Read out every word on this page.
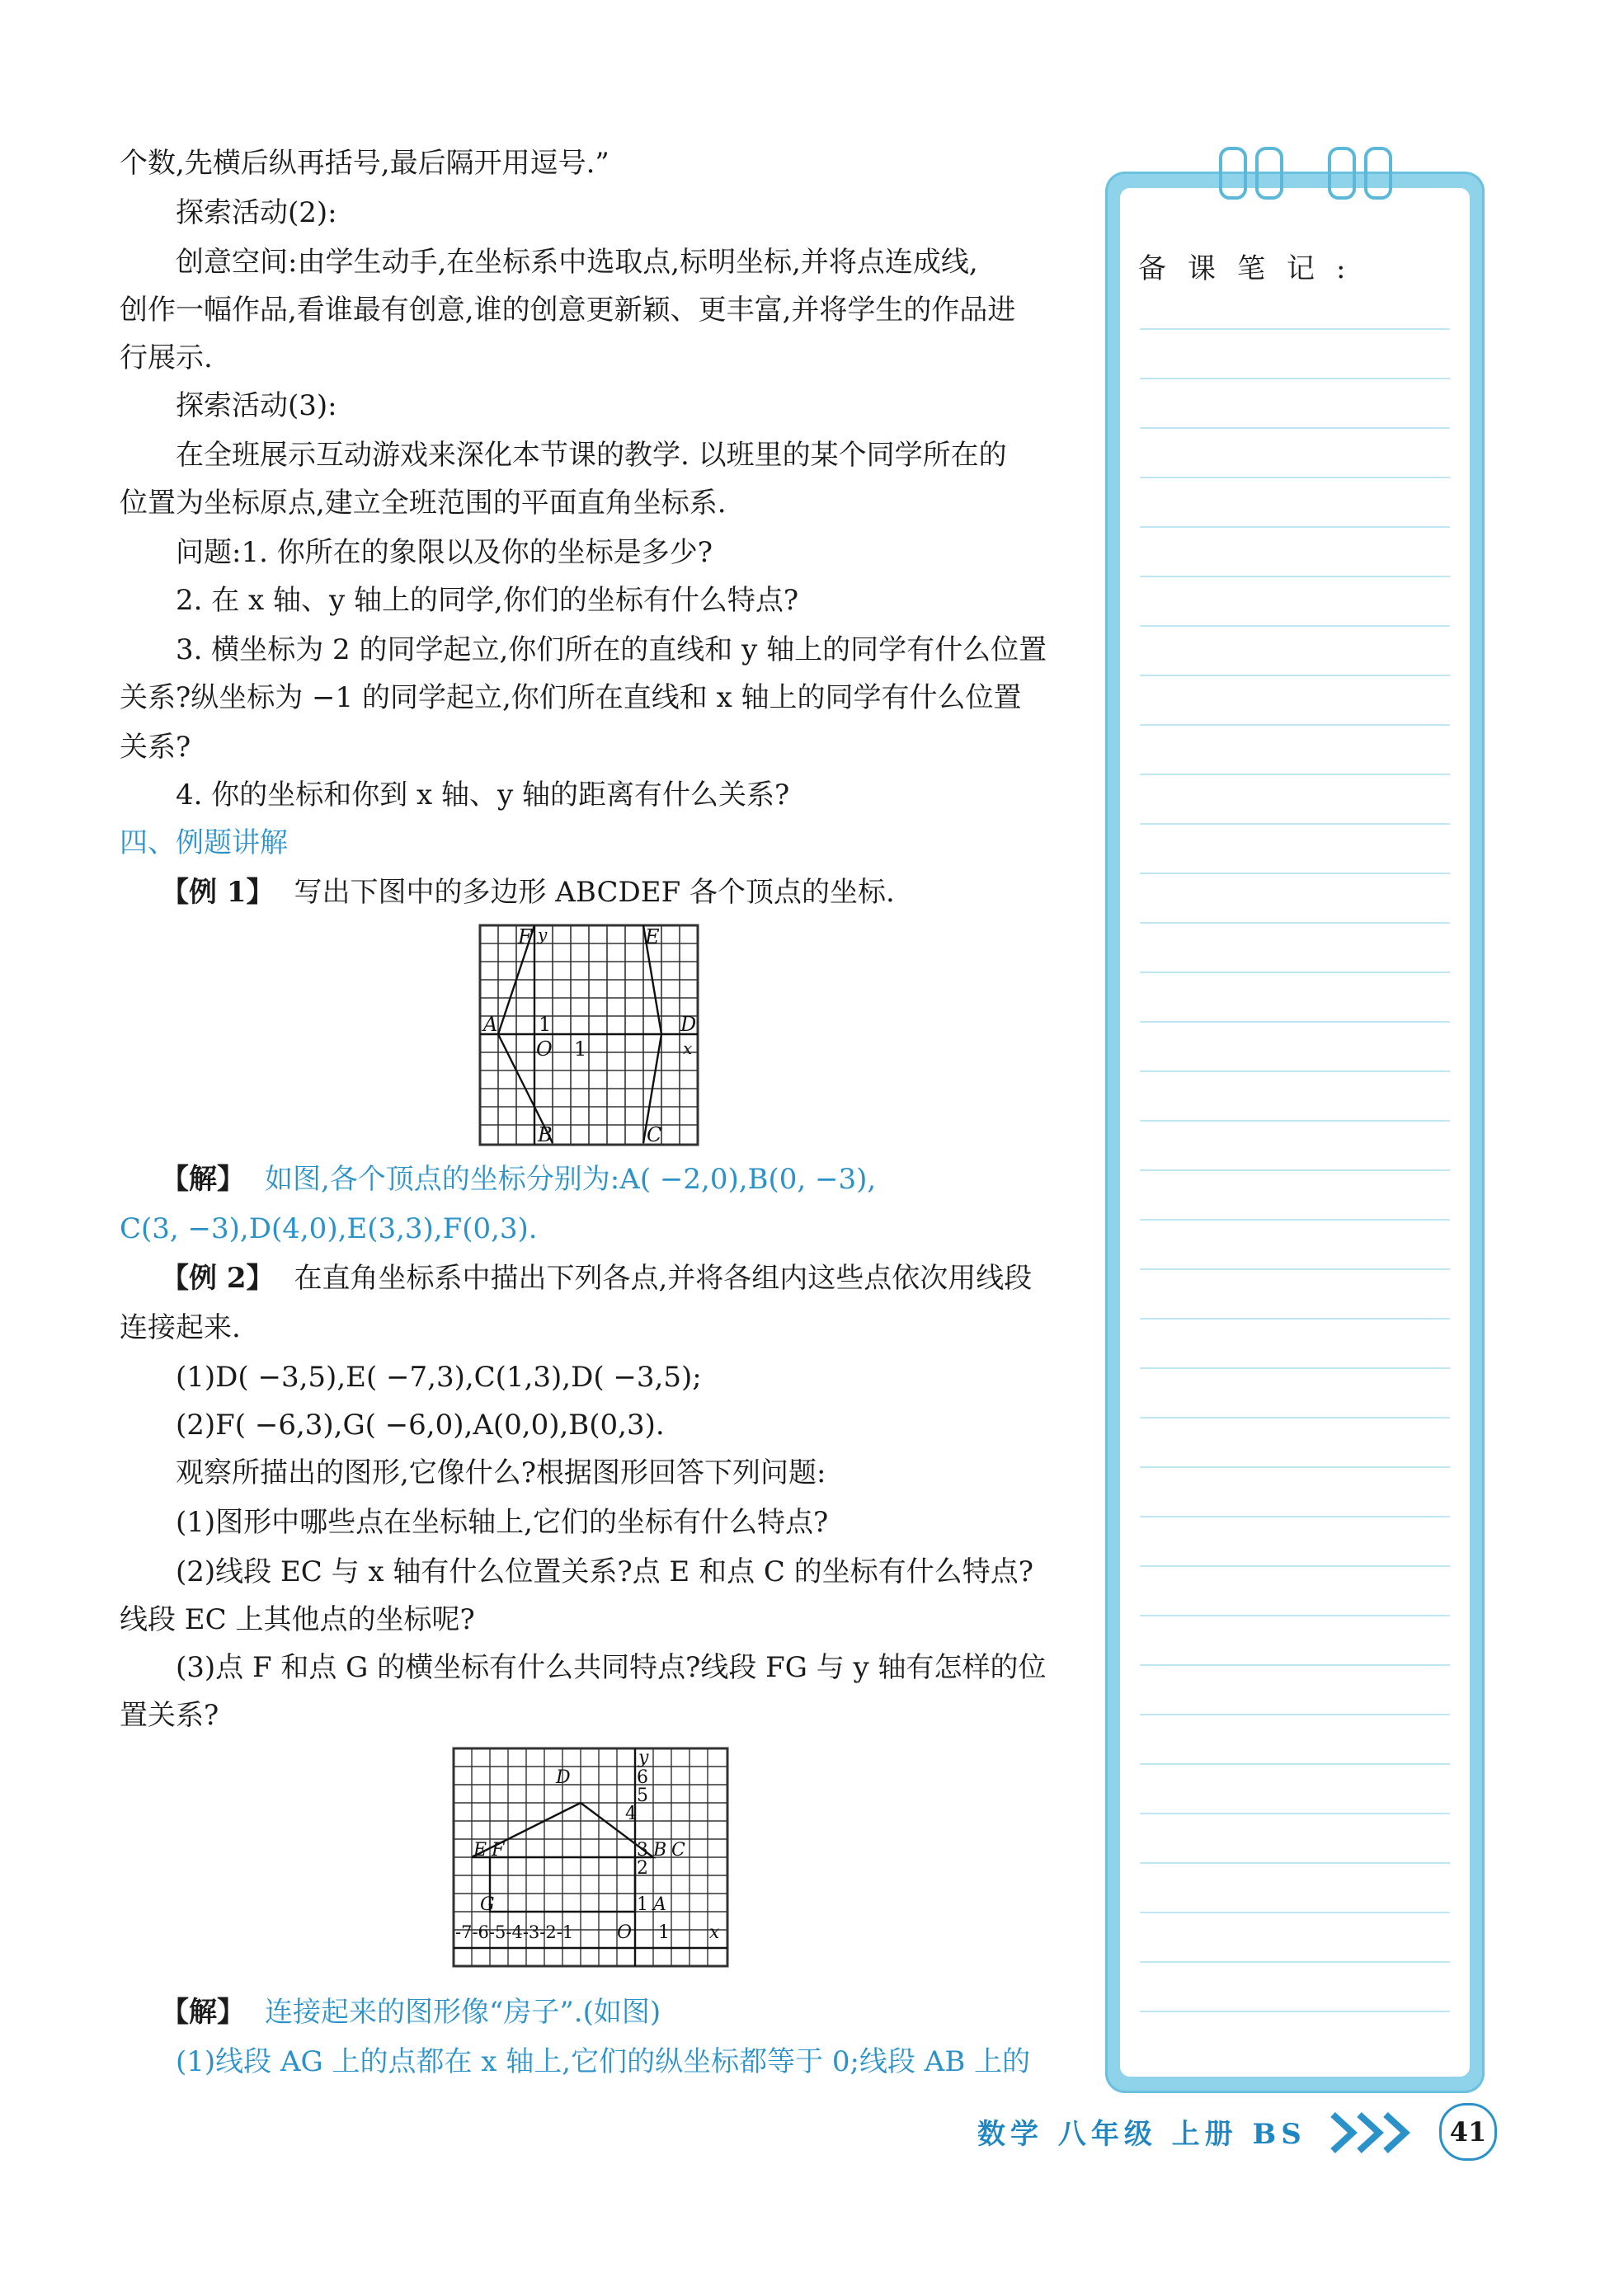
个数,先横后纵再括号,最后隔开用逗号.”
探索活动(2):
创意空间:由学生动手,在坐标系中选取点,标明坐标,并将点连成线,
创作一幅作品,看谁最有创意,谁的创意更新颖、更丰富,并将学生的作品进
行展示.
探索活动(3):
在全班展示互动游戏来深化本节课的教学. 以班里的某个同学所在的
位置为坐标原点,建立全班范围的平面直角坐标系.
问题:1. 你所在的象限以及你的坐标是多少?
2. 在 x 轴、y 轴上的同学,你们的坐标有什么特点?
3. 横坐标为 2 的同学起立,你们所在的直线和 y 轴上的同学有什么位置
关系?纵坐标为 −1 的同学起立,你们所在直线和 x 轴上的同学有什么位置
关系?
4. 你的坐标和你到 x 轴、y 轴的距离有什么关系?
四、例题讲解
【例 1】 写出下图中的多边形 ABCDEF 各个顶点的坐标.
F y	E
A 1	D
O 1	x
B	C
【解】 如图,各个顶点的坐标分别为:A( −2,0),B(0, −3),
C(3, −3),D(4,0),E(3,3),F(0,3).
【例 2】 在直角坐标系中描出下列各点,并将各组内这些点依次用线段
连接起来.
(1)D( −3,5),E( −7,3),C(1,3),D( −3,5);
(2)F( −6,3),G( −6,0),A(0,0),B(0,3).
观察所描出的图形,它像什么?根据图形回答下列问题:
(1)图形中哪些点在坐标轴上,它们的坐标有什么特点?
(2)线段 EC 与 x 轴有什么位置关系?点 E 和点 C 的坐标有什么特点?
线段 EC 上其他点的坐标呢?
(3)点 F 和点 G 的横坐标有什么共同特点?线段 FG 与 y 轴有怎样的位
置关系?
y
D	6
5
4
E F	3 B C
2
1
G	A
-7-6-5-4-3-2-1 O 1 x
【解】 连接起来的图形像“房子”.(如图)
(1)线段 AG 上的点都在 x 轴上,它们的纵坐标都等于 0;线段 AB 上的
备课笔记:
数学 八年级 上册 BS	41
